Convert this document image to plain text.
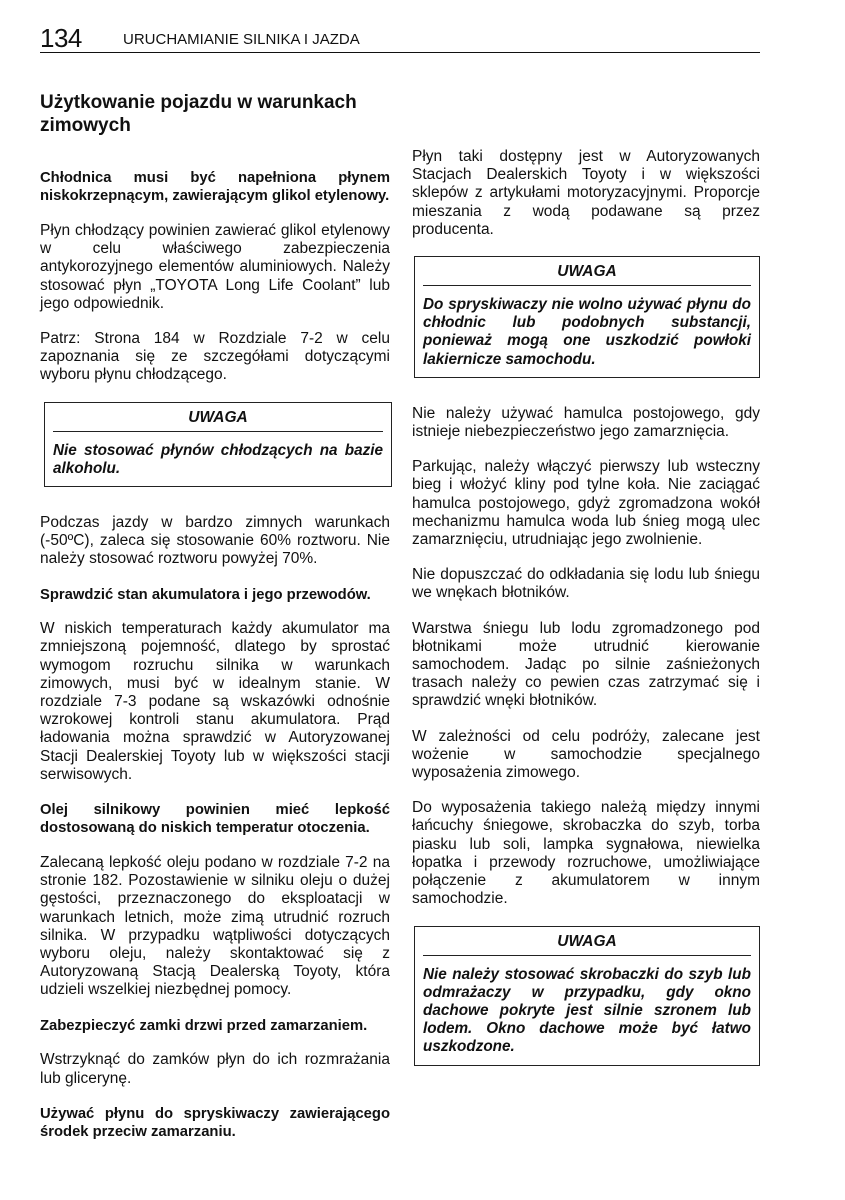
134	URUCHAMIANIE SILNIKA I JAZDA
Użytkowanie pojazdu w warunkach zimowych
Chłodnica musi być napełniona płynem niskokrzepnącym, zawierającym glikol etylenowy.

Płyn chłodzący powinien zawierać glikol etylenowy w celu właściwego zabezpieczenia antykorozyjnego elementów aluminiowych. Należy stosować płyn „TOYOTA Long Life Coolant” lub jego odpowiednik.

Patrz: Strona 184 w Rozdziale 7-2 w celu zapoznania się ze szczegółami dotyczącymi wyboru płynu chłodzącego.

UWAGA
Nie stosować płynów chłodzących na bazie alkoholu.

Podczas jazdy w bardzo zimnych warunkach (-50ºC), zaleca się stosowanie 60% roztworu. Nie należy stosować roztworu powyżej 70%.

Sprawdzić stan akumulatora i jego przewodów.

W niskich temperaturach każdy akumulator ma zmniejszoną pojemność, dlatego by sprostać wymogom rozruchu silnika w warunkach zimowych, musi być w idealnym stanie. W rozdziale 7-3 podane są wskazówki odnośnie wzrokowej kontroli stanu akumulatora. Prąd ładowania można sprawdzić w Autoryzowanej Stacji Dealerskiej Toyoty lub w większości stacji serwisowych.

Olej silnikowy powinien mieć lepkość dostosowaną do niskich temperatur otoczenia.

Zalecaną lepkość oleju podano w rozdziale 7-2 na stronie 182. Pozostawienie w silniku oleju o dużej gęstości, przeznaczonego do eksploatacji w warunkach letnich, może zimą utrudnić rozruch silnika. W przypadku wątpliwości dotyczących wyboru oleju, należy skontaktować się z Autoryzowaną Stacją Dealerską Toyoty, która udzieli wszelkiej niezbędnej pomocy.

Zabezpieczyć zamki drzwi przed zamarzaniem.

Wstrzyknąć do zamków płyn do ich rozmrażania lub glicerynę.

Używać płynu do spryskiwaczy zawierającego środek przeciw zamarzaniu.

Płyn taki dostępny jest w Autoryzowanych Stacjach Dealerskich Toyoty i w większości sklepów z artykułami motoryzacyjnymi. Proporcje mieszania z wodą podawane są przez producenta.

UWAGA
Do spryskiwaczy nie wolno używać płynu do chłodnic lub podobnych substancji, ponieważ mogą one uszkodzić powłoki lakiernicze samochodu.

Nie należy używać hamulca postojowego, gdy istnieje niebezpieczeństwo jego zamarznięcia.

Parkując, należy włączyć pierwszy lub wsteczny bieg i włożyć kliny pod tylne koła. Nie zaciągać hamulca postojowego, gdyż zgromadzona wokół mechanizmu hamulca woda lub śnieg mogą ulec zamarznięciu, utrudniając jego zwolnienie.

Nie dopuszczać do odkładania się lodu lub śniegu we wnękach błotników.

Warstwa śniegu lub lodu zgromadzonego pod błotnikami może utrudnić kierowanie samochodem. Jadąc po silnie zaśnieżonych trasach należy co pewien czas zatrzymać się i sprawdzić wnęki błotników.

W zależności od celu podróży, zalecane jest wożenie w samochodzie specjalnego wyposażenia zimowego.

Do wyposażenia takiego należą między innymi łańcuchy śniegowe, skrobaczka do szyb, torba piasku lub soli, lampka sygnałowa, niewielka łopatka i przewody rozruchowe, umożliwiające połączenie z akumulatorem w innym samochodzie.

UWAGA
Nie należy stosować skrobaczki do szyb lub odmrażaczy w przypadku, gdy okno dachowe pokryte jest silnie szronem lub lodem. Okno dachowe może być łatwo uszkodzone.
